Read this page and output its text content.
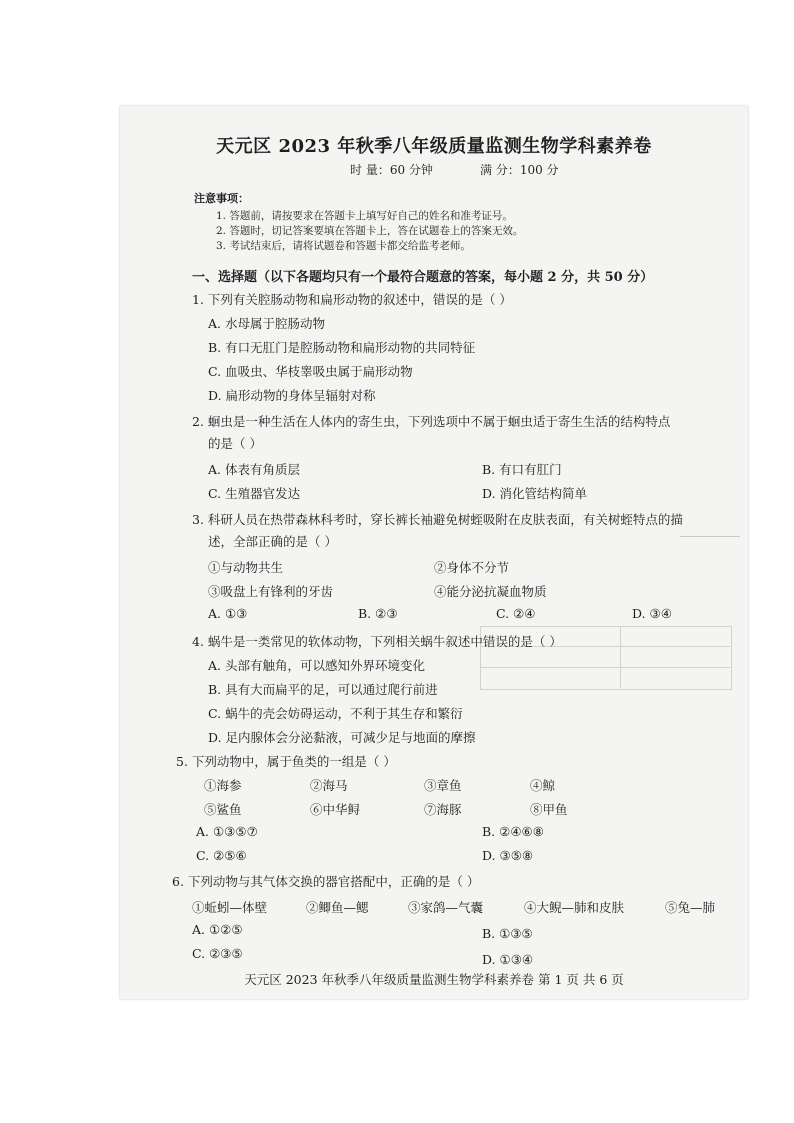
天元区 2023 年秋季八年级质量监测生物学科素养卷
时 量：60 分钟	满 分：100 分
注意事项：
1. 答题前，请按要求在答题卡上填写好自己的姓名和准考证号。
2. 答题时，切记答案要填在答题卡上，答在试题卷上的答案无效。
3. 考试结束后，请将试题卷和答题卡都交给监考老师。
一、选择题（以下各题均只有一个最符合题意的答案，每小题 2 分，共 50 分）
1. 下列有关腔肠动物和扁形动物的叙述中，错误的是（ ）
A. 水母属于腔肠动物
B. 有口无肛门是腔肠动物和扁形动物的共同特征
C. 血吸虫、华枝睾吸虫属于扁形动物
D. 扁形动物的身体呈辐射对称
2. 蛔虫是一种生活在人体内的寄生虫，下列选项中不属于蛔虫适于寄生生活的结构特点
的是（ ）
A. 体表有角质层	B. 有口有肛门
C. 生殖器官发达	D. 消化管结构简单
3. 科研人员在热带森林科考时，穿长裤长袖避免树蛭吸附在皮肤表面，有关树蛭特点的描
述，全部正确的是（ ）
①与动物共生	②身体不分节
③吸盘上有锋利的牙齿	④能分泌抗凝血物质
A. ①③	B. ②③	C. ②④	D. ③④
4. 蜗牛是一类常见的软体动物，下列相关蜗牛叙述中错误的是（ ）
A. 头部有触角，可以感知外界环境变化
B. 具有大而扁平的足，可以通过爬行前进
C. 蜗牛的壳会妨碍运动，不利于其生存和繁衍
D. 足内腺体会分泌黏液，可减少足与地面的摩擦
5. 下列动物中，属于鱼类的一组是（ ）
①海参	②海马	③章鱼	④鲸
⑤鲨鱼	⑥中华鲟	⑦海豚	⑧甲鱼
A. ①③⑤⑦	B. ②④⑥⑧
C. ②⑤⑥	D. ③⑤⑧
6. 下列动物与其气体交换的器官搭配中，正确的是（ ）
①蚯蚓—体壁	②鲫鱼—鳃	③家鸽—气囊	④大鲵—肺和皮肤	⑤兔—肺
A. ①②⑤	B. ①③⑤
C. ②③⑤	D. ①③④
天元区 2023 年秋季八年级质量监测生物学科素养卷 第 1 页 共 6 页
